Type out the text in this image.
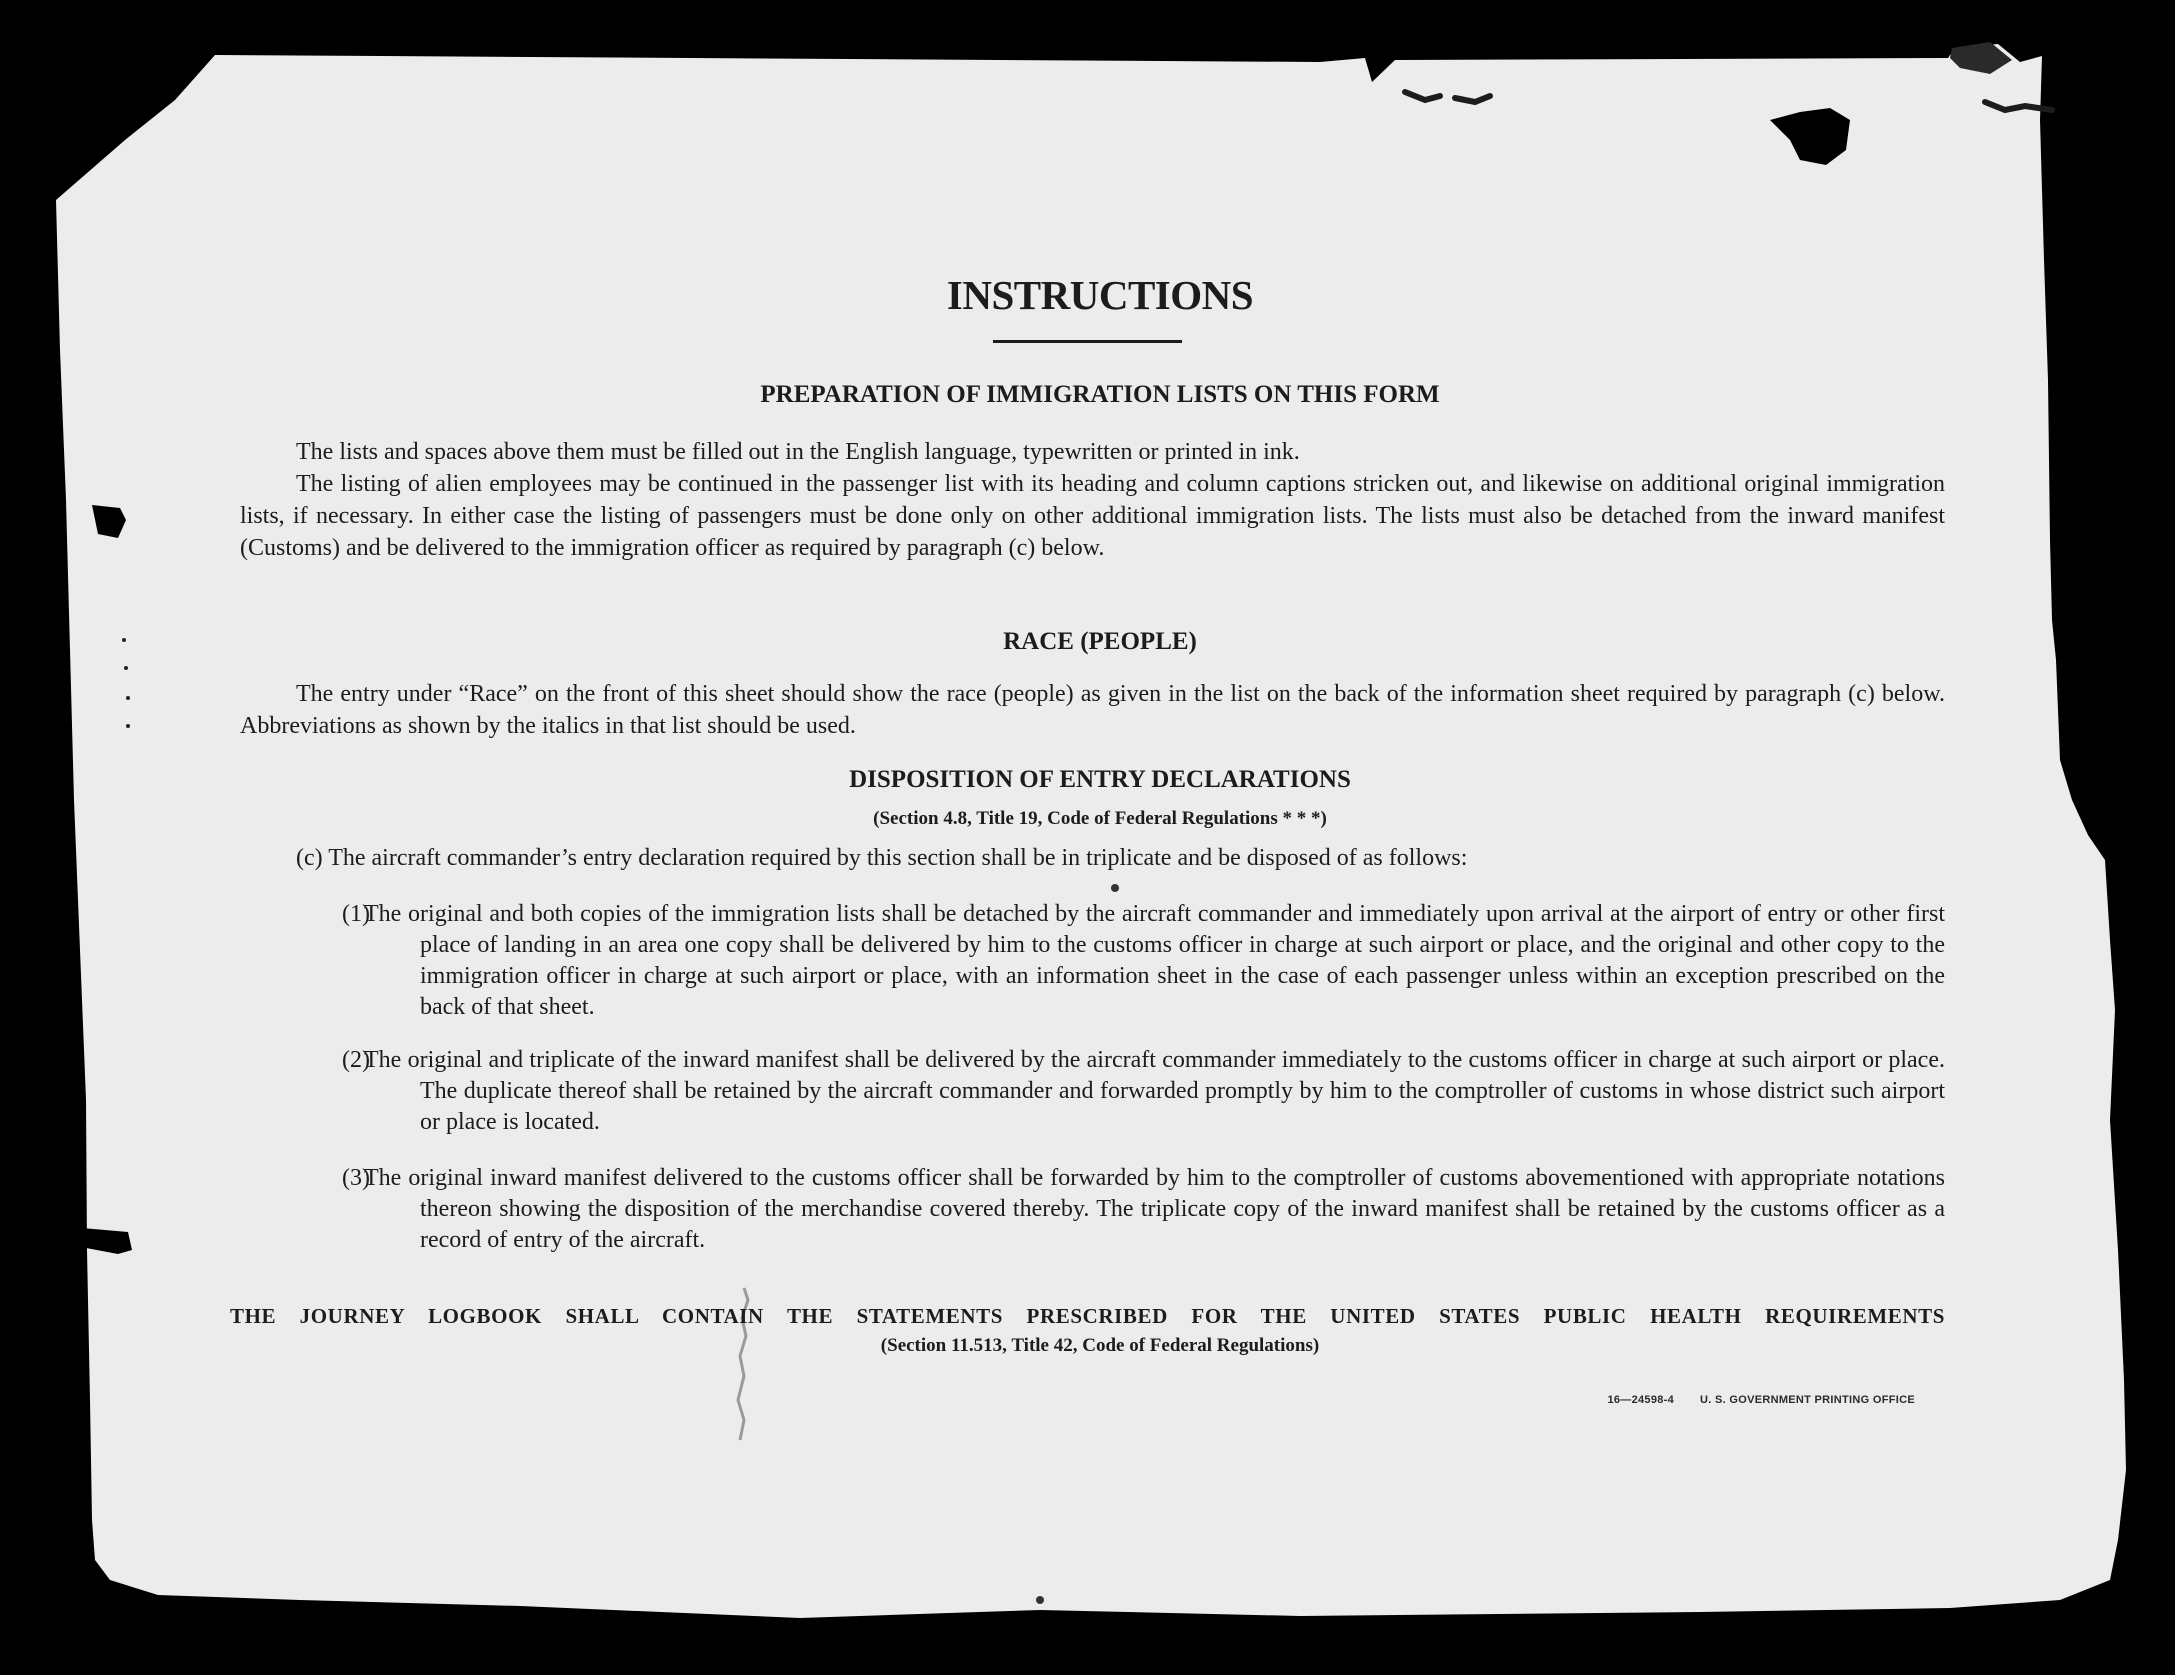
INSTRUCTIONS
PREPARATION OF IMMIGRATION LISTS ON THIS FORM

The lists and spaces above them must be filled out in the English language, typewritten or printed in ink.

The listing of alien employees may be continued in the passenger list with its heading and column captions stricken out, and likewise on additional original immigration lists, if necessary. In either case the listing of passengers must be done only on other additional immigration lists. The lists must also be detached from the inward manifest (Customs) and be delivered to the immigration officer as required by paragraph (c) below.

RACE (PEOPLE)

The entry under “Race” on the front of this sheet should show the race (people) as given in the list on the back of the information sheet required by paragraph (c) below. Abbreviations as shown by the italics in that list should be used.

DISPOSITION OF ENTRY DECLARATIONS

(Section 4.8, Title 19, Code of Federal Regulations * * *)

(c) The aircraft commander’s entry declaration required by this section shall be in triplicate and be disposed of as follows:

(1)
The original and both copies of the immigration lists shall be detached by the aircraft commander and immediately upon arrival at the airport of entry or other first place of landing in an area one copy shall be delivered by him to the customs officer in charge at such airport or place, and the original and other copy to the immigration officer in charge at such airport or place, with an information sheet in the case of each passenger unless within an exception prescribed on the back of that sheet.
(2)
The original and triplicate of the inward manifest shall be delivered by the aircraft commander immediately to the customs officer in charge at such airport or place. The duplicate thereof shall be retained by the aircraft commander and forwarded promptly by him to the comptroller of customs in whose district such airport or place is located.
(3)
The original inward manifest delivered to the customs officer shall be forwarded by him to the comptroller of customs abovementioned with appropriate notations thereon showing the disposition of the merchandise covered thereby. The triplicate copy of the inward manifest shall be retained by the customs officer as a record of entry of the aircraft.

THE JOURNEY LOGBOOK SHALL CONTAIN THE STATEMENTS PRESCRIBED FOR THE UNITED STATES PUBLIC HEALTH REQUIREMENTS

(Section 11.513, Title 42, Code of Federal Regulations)

16—24598-4 U. S. GOVERNMENT PRINTING OFFICE
